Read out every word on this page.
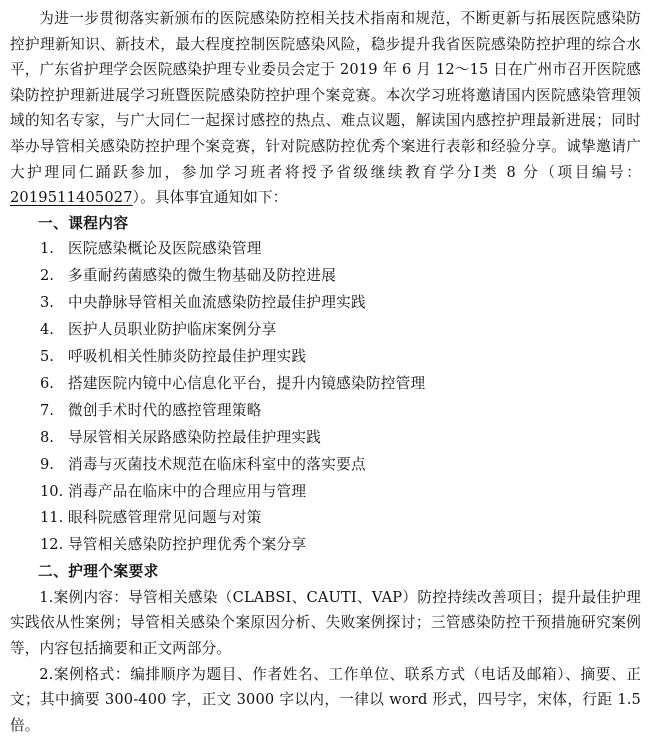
为进一步贯彻落实新颁布的医院感染防控相关技术指南和规范，不断更新与拓展医院感染防控护理新知识、新技术，最大程度控制医院感染风险，稳步提升我省医院感染防控护理的综合水平，广东省护理学会医院感染护理专业委员会定于 2019 年 6 月 12～15 日在广州市召开医院感染防控护理新进展学习班暨医院感染防控护理个案竞赛。本次学习班将邀请国内医院感染管理领域的知名专家，与广大同仁一起探讨感控的热点、难点议题，解读国内感控护理最新进展；同时举办导管相关感染防控护理个案竞赛，针对院感防控优秀个案进行表彰和经验分享。诚挚邀请广大护理同仁踊跃参加，参加学习班者将授予省级继续教育学分Ⅰ类 8 分（项目编号：2019511405027）。具体事宜通知如下：

一、课程内容
1. 医院感染概论及医院感染管理
2. 多重耐药菌感染的微生物基础及防控进展
3. 中央静脉导管相关血流感染防控最佳护理实践
4. 医护人员职业防护临床案例分享
5. 呼吸机相关性肺炎防控最佳护理实践
6. 搭建医院内镜中心信息化平台，提升内镜感染防控管理
7. 微创手术时代的感控管理策略
8. 导尿管相关尿路感染防控最佳护理实践
9. 消毒与灭菌技术规范在临床科室中的落实要点
10. 消毒产品在临床中的合理应用与管理
11. 眼科院感管理常见问题与对策
12. 导管相关感染防控护理优秀个案分享
二、护理个案要求

1.案例内容：导管相关感染（CLABSI、CAUTI、VAP）防控持续改善项目；提升最佳护理实践依从性案例；导管相关感染个案原因分析、失败案例探讨；三管感染防控干预措施研究案例等，内容包括摘要和正文两部分。

2.案例格式：编排顺序为题目、作者姓名、工作单位、联系方式（电话及邮箱）、摘要、正文；其中摘要 300-400 字，正文 3000 字以内，一律以 word 形式，四号字，宋体，行距 1.5 倍。
